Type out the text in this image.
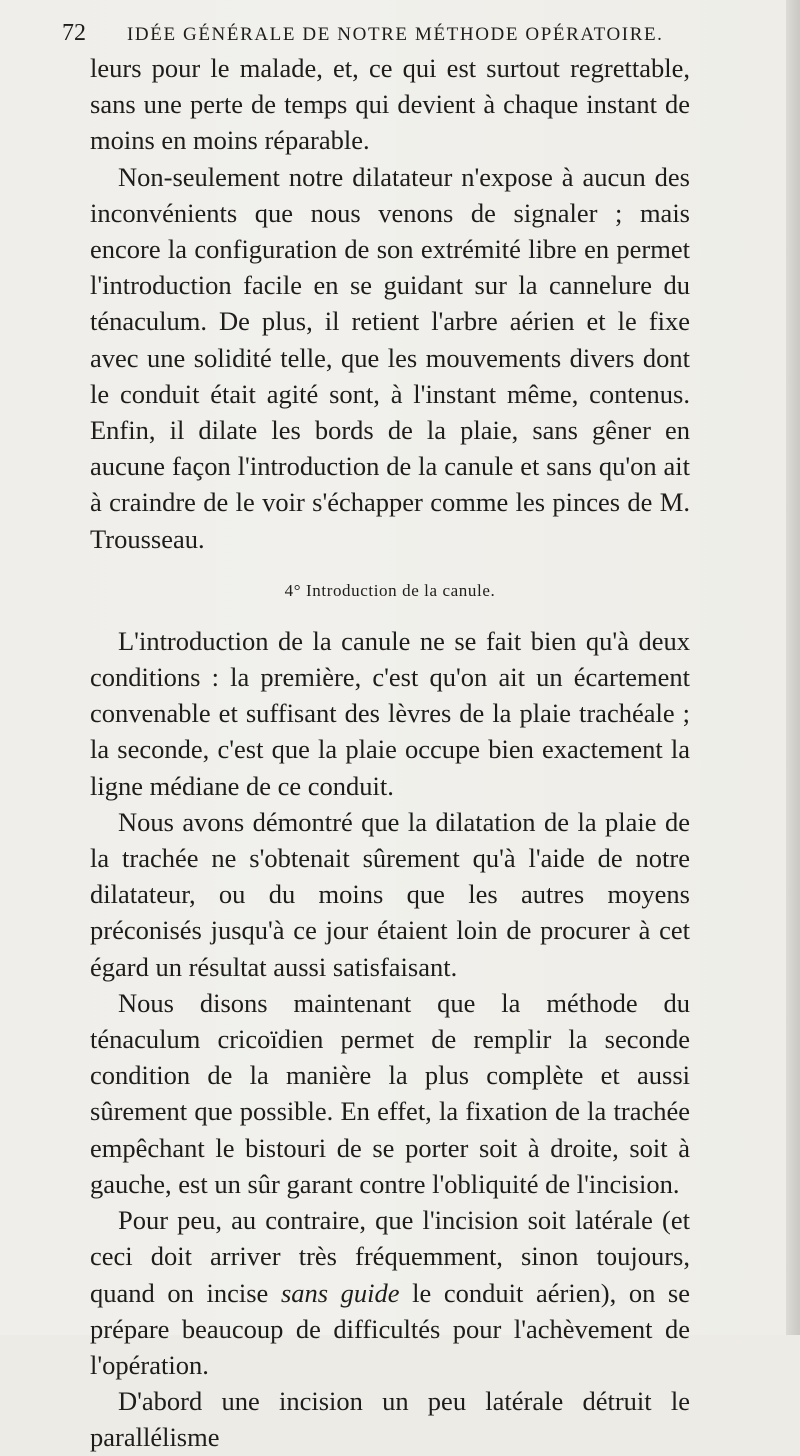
72 IDÉE GÉNÉRALE DE NOTRE MÉTHODE OPÉRATOIRE.

leurs pour le malade, et, ce qui est surtout regrettable, sans une perte de temps qui devient à chaque instant de moins en moins réparable.

Non-seulement notre dilatateur n'expose à aucun des inconvénients que nous venons de signaler ; mais encore la configuration de son extrémité libre en permet l'introduction facile en se guidant sur la cannelure du ténaculum. De plus, il retient l'arbre aérien et le fixe avec une solidité telle, que les mouvements divers dont le conduit était agité sont, à l'instant même, contenus. Enfin, il dilate les bords de la plaie, sans gêner en aucune façon l'introduction de la canule et sans qu'on ait à craindre de le voir s'échapper comme les pinces de M. Trousseau.

4° Introduction de la canule.

L'introduction de la canule ne se fait bien qu'à deux conditions : la première, c'est qu'on ait un écartement convenable et suffisant des lèvres de la plaie trachéale ; la seconde, c'est que la plaie occupe bien exactement la ligne médiane de ce conduit.

Nous avons démontré que la dilatation de la plaie de la trachée ne s'obtenait sûrement qu'à l'aide de notre dilatateur, ou du moins que les autres moyens préconisés jusqu'à ce jour étaient loin de procurer à cet égard un résultat aussi satisfaisant.

Nous disons maintenant que la méthode du ténaculum cricoïdien permet de remplir la seconde condition de la manière la plus complète et aussi sûrement que possible. En effet, la fixation de la trachée empêchant le bistouri de se porter soit à droite, soit à gauche, est un sûr garant contre l'obliquité de l'incision.

Pour peu, au contraire, que l'incision soit latérale (et ceci doit arriver très fréquemment, sinon toujours, quand on incise sans guide le conduit aérien), on se prépare beaucoup de difficultés pour l'achèvement de l'opération.

D'abord une incision un peu latérale détruit le parallélisme
